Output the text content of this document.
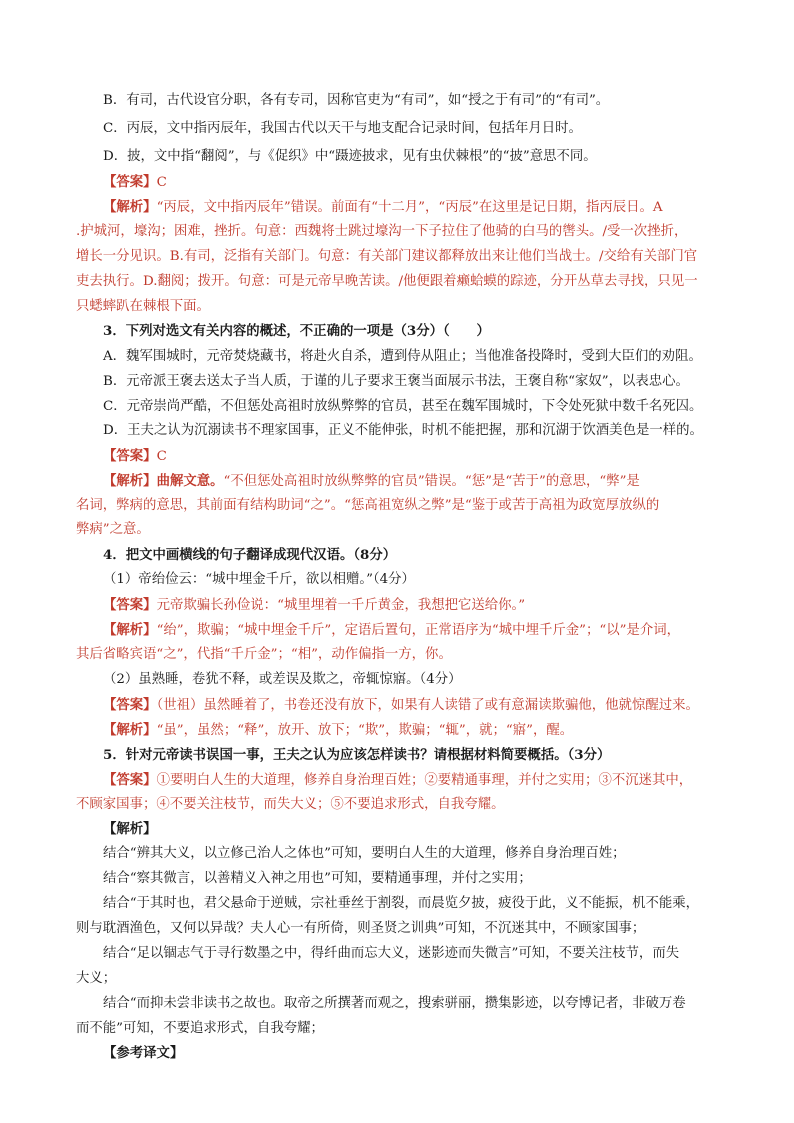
B．有司，古代设官分职，各有专司，因称官吏为“有司”，如“授之于有司”的“有司”。
C．丙辰，文中指丙辰年，我国古代以天干与地支配合记录时间，包括年月日时。
D．披，文中指“翻阅”，与《促织》中“蹑迹披求，见有虫伏棘根”的“披”意思不同。
【答案】C
【解析】“丙辰，文中指丙辰年”错误。前面有“十二月”，“丙辰”在这里是记日期，指丙辰日。A
.护城河，壕沟；困难，挫折。句意：西魏将士跳过壕沟一下子拉住了他骑的白马的辔头。/受一次挫折，
增长一分见识。B.有司，泛指有关部门。句意：有关部门建议都释放出来让他们当战士。/交给有关部门官
吏去执行。D.翻阅；拨开。句意：可是元帝早晚苦读。/他便跟着癞蛤蟆的踪迹，分开丛草去寻找，只见一
只蟋蟀趴在棘根下面。
3．下列对选文有关内容的概述，不正确的一项是（3分）（　　）
A．魏军围城时，元帝焚烧藏书，将赴火自杀，遭到侍从阻止；当他准备投降时，受到大臣们的劝阻。
B．元帝派王褒去送太子当人质，于谨的儿子要求王褒当面展示书法，王褒自称“家奴”，以表忠心。
C．元帝崇尚严酷，不但惩处高祖时放纵弊弊的官员，甚至在魏军围城时，下令处死狱中数千名死囚。
D．王夫之认为沉溺读书不理家国事，正义不能伸张，时机不能把握，那和沉湖于饮酒美色是一样的。
【答案】C
【解析】曲解文意。“不但惩处高祖时放纵弊弊的官员”错误。“惩”是“苦于”的意思，“弊”是
名词，弊病的意思，其前面有结构助词“之”。“惩高祖宽纵之弊”是“鉴于或苦于高祖为政宽厚放纵的
弊病”之意。
4．把文中画横线的句子翻译成现代汉语。（8分）
（1）帝绐俭云：“城中埋金千斤，欲以相赠。”（4分）
【答案】元帝欺骗长孙俭说：“城里埋着一千斤黄金，我想把它送给你。”
【解析】“绐”，欺骗；“城中埋金千斤”，定语后置句，正常语序为“城中埋千斤金”；“以”是介词，
其后省略宾语“之”，代指“千斤金”；“相”，动作偏指一方，你。
（2）虽熟睡，卷犹不释，或差误及欺之，帝辄惊寤。（4分）
【答案】（世祖）虽然睡着了，书卷还没有放下，如果有人读错了或有意漏读欺骗他，他就惊醒过来。
【解析】“虽”，虽然；“释”，放开、放下；“欺”，欺骗；“辄”，就；“寤”，醒。
5．针对元帝读书误国一事，王夫之认为应该怎样读书？请根据材料简要概括。（3分）
【答案】①要明白人生的大道理，修养自身治理百姓；②要精通事理，并付之实用；③不沉迷其中，
不顾家国事；④不要关注枝节，而失大义；⑤不要追求形式，自我夸耀。
【解析】
结合“辨其大义，以立修己治人之体也”可知，要明白人生的大道理，修养自身治理百姓；
结合“察其微言，以善精义入神之用也”可知，要精通事理，并付之实用；
结合“于其时也，君父悬命于逆贼，宗社垂丝于割裂，而晨览夕披，疲役于此，义不能振，机不能乘，
则与耽酒渔色，又何以异哉？夫人心一有所倚，则圣贤之训典”可知，不沉迷其中，不顾家国事；
结合“足以锢志气于寻行数墨之中，得纤曲而忘大义，迷影迹而失微言”可知，不要关注枝节，而失
大义；
结合“而抑未尝非读书之故也。取帝之所撰著而观之，搜索骈丽，攒集影迹，以夸博记者，非破万卷
而不能”可知，不要追求形式，自我夸耀；
【参考译文】
